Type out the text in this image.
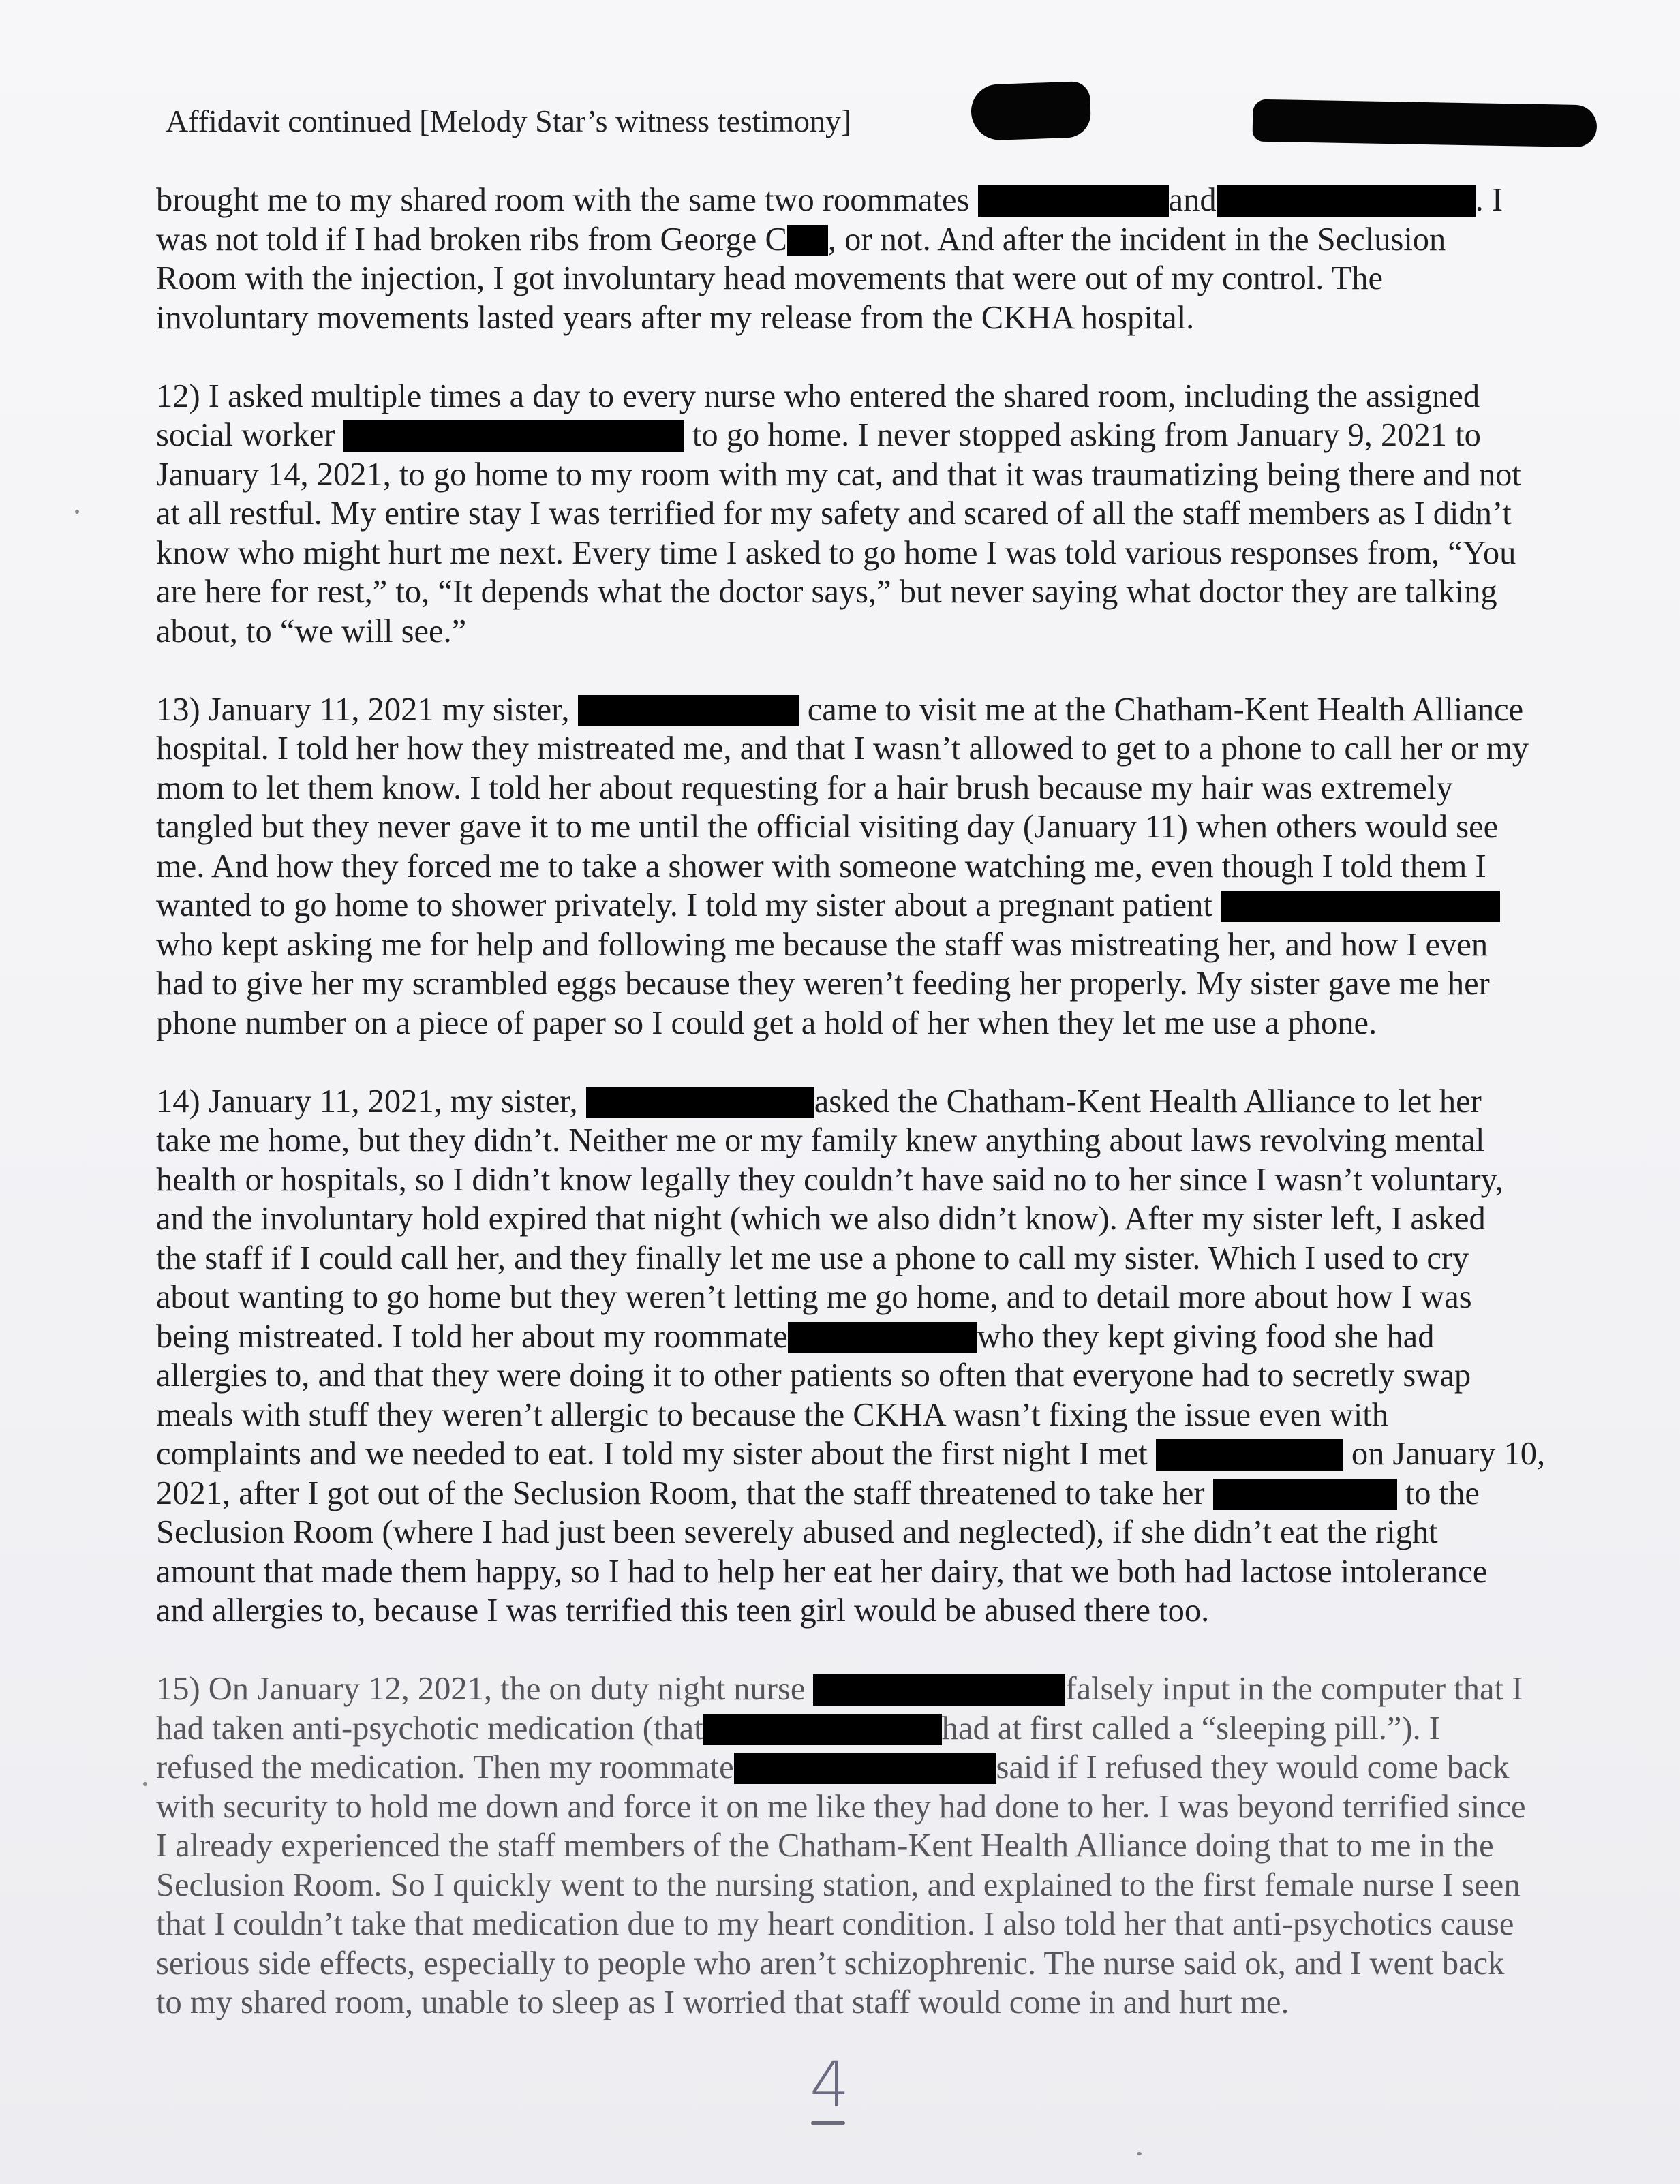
Affidavit continued [Melody Star’s witness testimony]
brought me to my shared room with the same two roommates	and	. I
was not told if I had broken ribs from George C , or not. And after the incident in the Seclusion
Room with the injection, I got involuntary head movements that were out of my control. The
involuntary movements lasted years after my release from the CKHA hospital.
12) I asked multiple times a day to every nurse who entered the shared room, including the assigned
social worker	to go home. I never stopped asking from January 9, 2021 to
January 14, 2021, to go home to my room with my cat, and that it was traumatizing being there and not
at all restful. My entire stay I was terrified for my safety and scared of all the staff members as I didn’t
know who might hurt me next. Every time I asked to go home I was told various responses from, “You
are here for rest,” to, “It depends what the doctor says,” but never saying what doctor they are talking
about, to “we will see.”
13) January 11, 2021 my sister,	came to visit me at the Chatham-Kent Health Alliance
hospital. I told her how they mistreated me, and that I wasn’t allowed to get to a phone to call her or my
mom to let them know. I told her about requesting for a hair brush because my hair was extremely
tangled but they never gave it to me until the official visiting day (January 11) when others would see
me. And how they forced me to take a shower with someone watching me, even though I told them I
wanted to go home to shower privately. I told my sister about a pregnant patient
who kept asking me for help and following me because the staff was mistreating her, and how I even
had to give her my scrambled eggs because they weren’t feeding her properly. My sister gave me her
phone number on a piece of paper so I could get a hold of her when they let me use a phone.
14) January 11, 2021, my sister,	asked the Chatham-Kent Health Alliance to let her
take me home, but they didn’t. Neither me or my family knew anything about laws revolving mental
health or hospitals, so I didn’t know legally they couldn’t have said no to her since I wasn’t voluntary,
and the involuntary hold expired that night (which we also didn’t know). After my sister left, I asked
the staff if I could call her, and they finally let me use a phone to call my sister. Which I used to cry
about wanting to go home but they weren’t letting me go home, and to detail more about how I was
being mistreated. I told her about my roommate	who they kept giving food she had
allergies to, and that they were doing it to other patients so often that everyone had to secretly swap
meals with stuff they weren’t allergic to because the CKHA wasn’t fixing the issue even with
complaints and we needed to eat. I told my sister about the first night I met	on January 10,
2021, after I got out of the Seclusion Room, that the staff threatened to take her	to the
Seclusion Room (where I had just been severely abused and neglected), if she didn’t eat the right
amount that made them happy, so I had to help her eat her dairy, that we both had lactose intolerance
and allergies to, because I was terrified this teen girl would be abused there too.
15) On January 12, 2021, the on duty night nurse	falsely input in the computer that I
had taken anti-psychotic medication (that	had at first called a “sleeping pill.”). I
refused the medication. Then my roommate	said if I refused they would come back
with security to hold me down and force it on me like they had done to her. I was beyond terrified since
I already experienced the staff members of the Chatham-Kent Health Alliance doing that to me in the
Seclusion Room. So I quickly went to the nursing station, and explained to the first female nurse I seen
that I couldn’t take that medication due to my heart condition. I also told her that anti-psychotics cause
serious side effects, especially to people who aren’t schizophrenic. The nurse said ok, and I went back
to my shared room, unable to sleep as I worried that staff would come in and hurt me.
4
